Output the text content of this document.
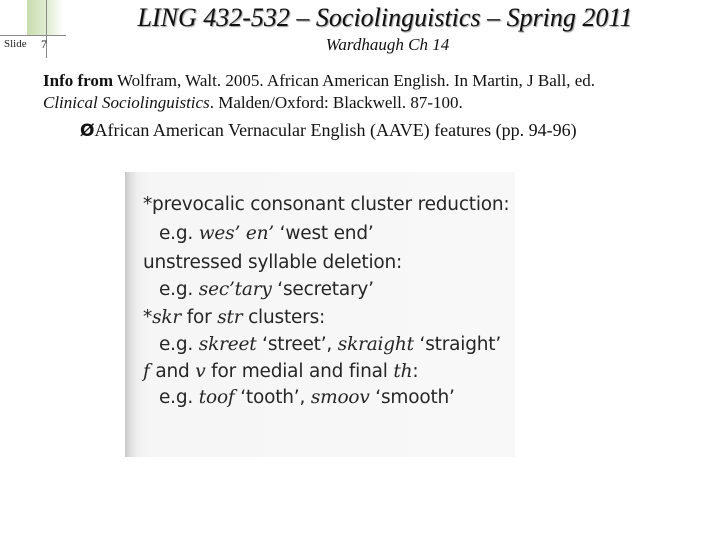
Slide 7
LING 432-532 – Sociolinguistics – Spring 2011
Wardhaugh Ch 14
Info from Wolfram, Walt. 2005. African American English. In Martin, J Ball, ed.
Clinical Sociolinguistics. Malden/Oxford: Blackwell. 87-100.
ØAfrican American Vernacular English (AAVE) features (pp. 94-96)
*prevocalic consonant cluster reduction:
e.g. wes’ en’ ‘west end’
unstressed syllable deletion:
e.g. sec’tary ‘secretary’
*skr for str clusters:
e.g. skreet ‘street’, skraight ‘straight’
f and v for medial and final th:
e.g. toof ‘tooth’, smoov ‘smooth’
